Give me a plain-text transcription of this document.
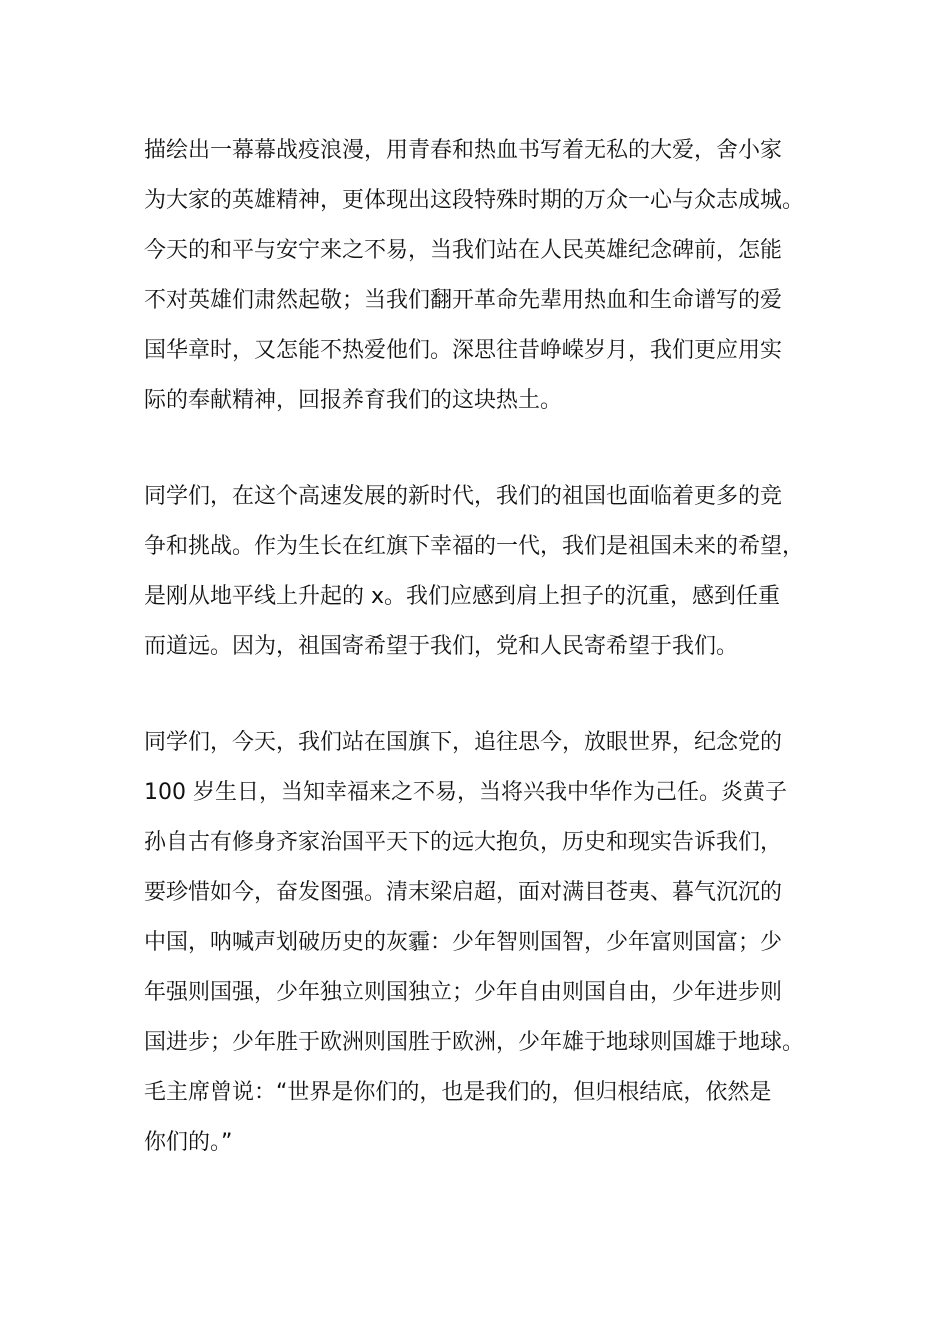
描绘出一幕幕战疫浪漫，用青春和热血书写着无私的大爱，舍小家
为大家的英雄精神，更体现出这段特殊时期的万众一心与众志成城。
今天的和平与安宁来之不易，当我们站在人民英雄纪念碑前，怎能
不对英雄们肃然起敬；当我们翻开革命先辈用热血和生命谱写的爱
国华章时，又怎能不热爱他们。深思往昔峥嵘岁月，我们更应用实
际的奉献精神，回报养育我们的这块热土。
同学们，在这个高速发展的新时代，我们的祖国也面临着更多的竞
争和挑战。作为生长在红旗下幸福的一代，我们是祖国未来的希望，
是刚从地平线上升起的 x。我们应感到肩上担子的沉重，感到任重
而道远。因为，祖国寄希望于我们，党和人民寄希望于我们。
同学们，今天，我们站在国旗下，追往思今，放眼世界，纪念党的
100 岁生日，当知幸福来之不易，当将兴我中华作为己任。炎黄子
孙自古有修身齐家治国平天下的远大抱负，历史和现实告诉我们，
要珍惜如今，奋发图强。清末梁启超，面对满目苍夷、暮气沉沉的
中国，呐喊声划破历史的灰霾：少年智则国智，少年富则国富；少
年强则国强，少年独立则国独立；少年自由则国自由，少年进步则
国进步；少年胜于欧洲则国胜于欧洲，少年雄于地球则国雄于地球。
毛主席曾说：“世界是你们的，也是我们的，但归根结底，依然是
你们的。”
